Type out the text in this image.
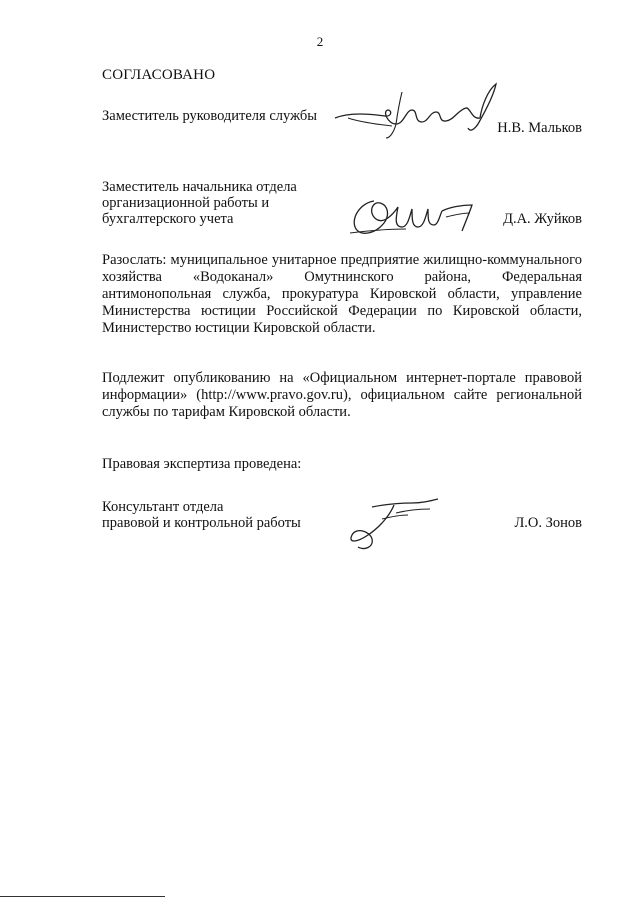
2
СОГЛАСОВАНО
Заместитель руководителя службы
Н.В. Мальков
Заместитель начальника отдела
организационной работы и
бухгалтерского учета	Д.А. Жуйков
Разослать: муниципальное унитарное предприятие жилищно-коммунального
хозяйства «Водоканал» Омутнинского района, Федеральная
антимонопольная служба, прокуратура Кировской области, управление
Министерства юстиции Российской Федерации по Кировской области,
Министерство юстиции Кировской области.
Подлежит опубликованию на «Официальном интернет-портале правовой
информации» (http://www.pravo.gov.ru), официальном сайте региональной
службы по тарифам Кировской области.
Правовая экспертиза проведена:
Консультант отдела
правовой и контрольной работы	Л.О. Зонов
